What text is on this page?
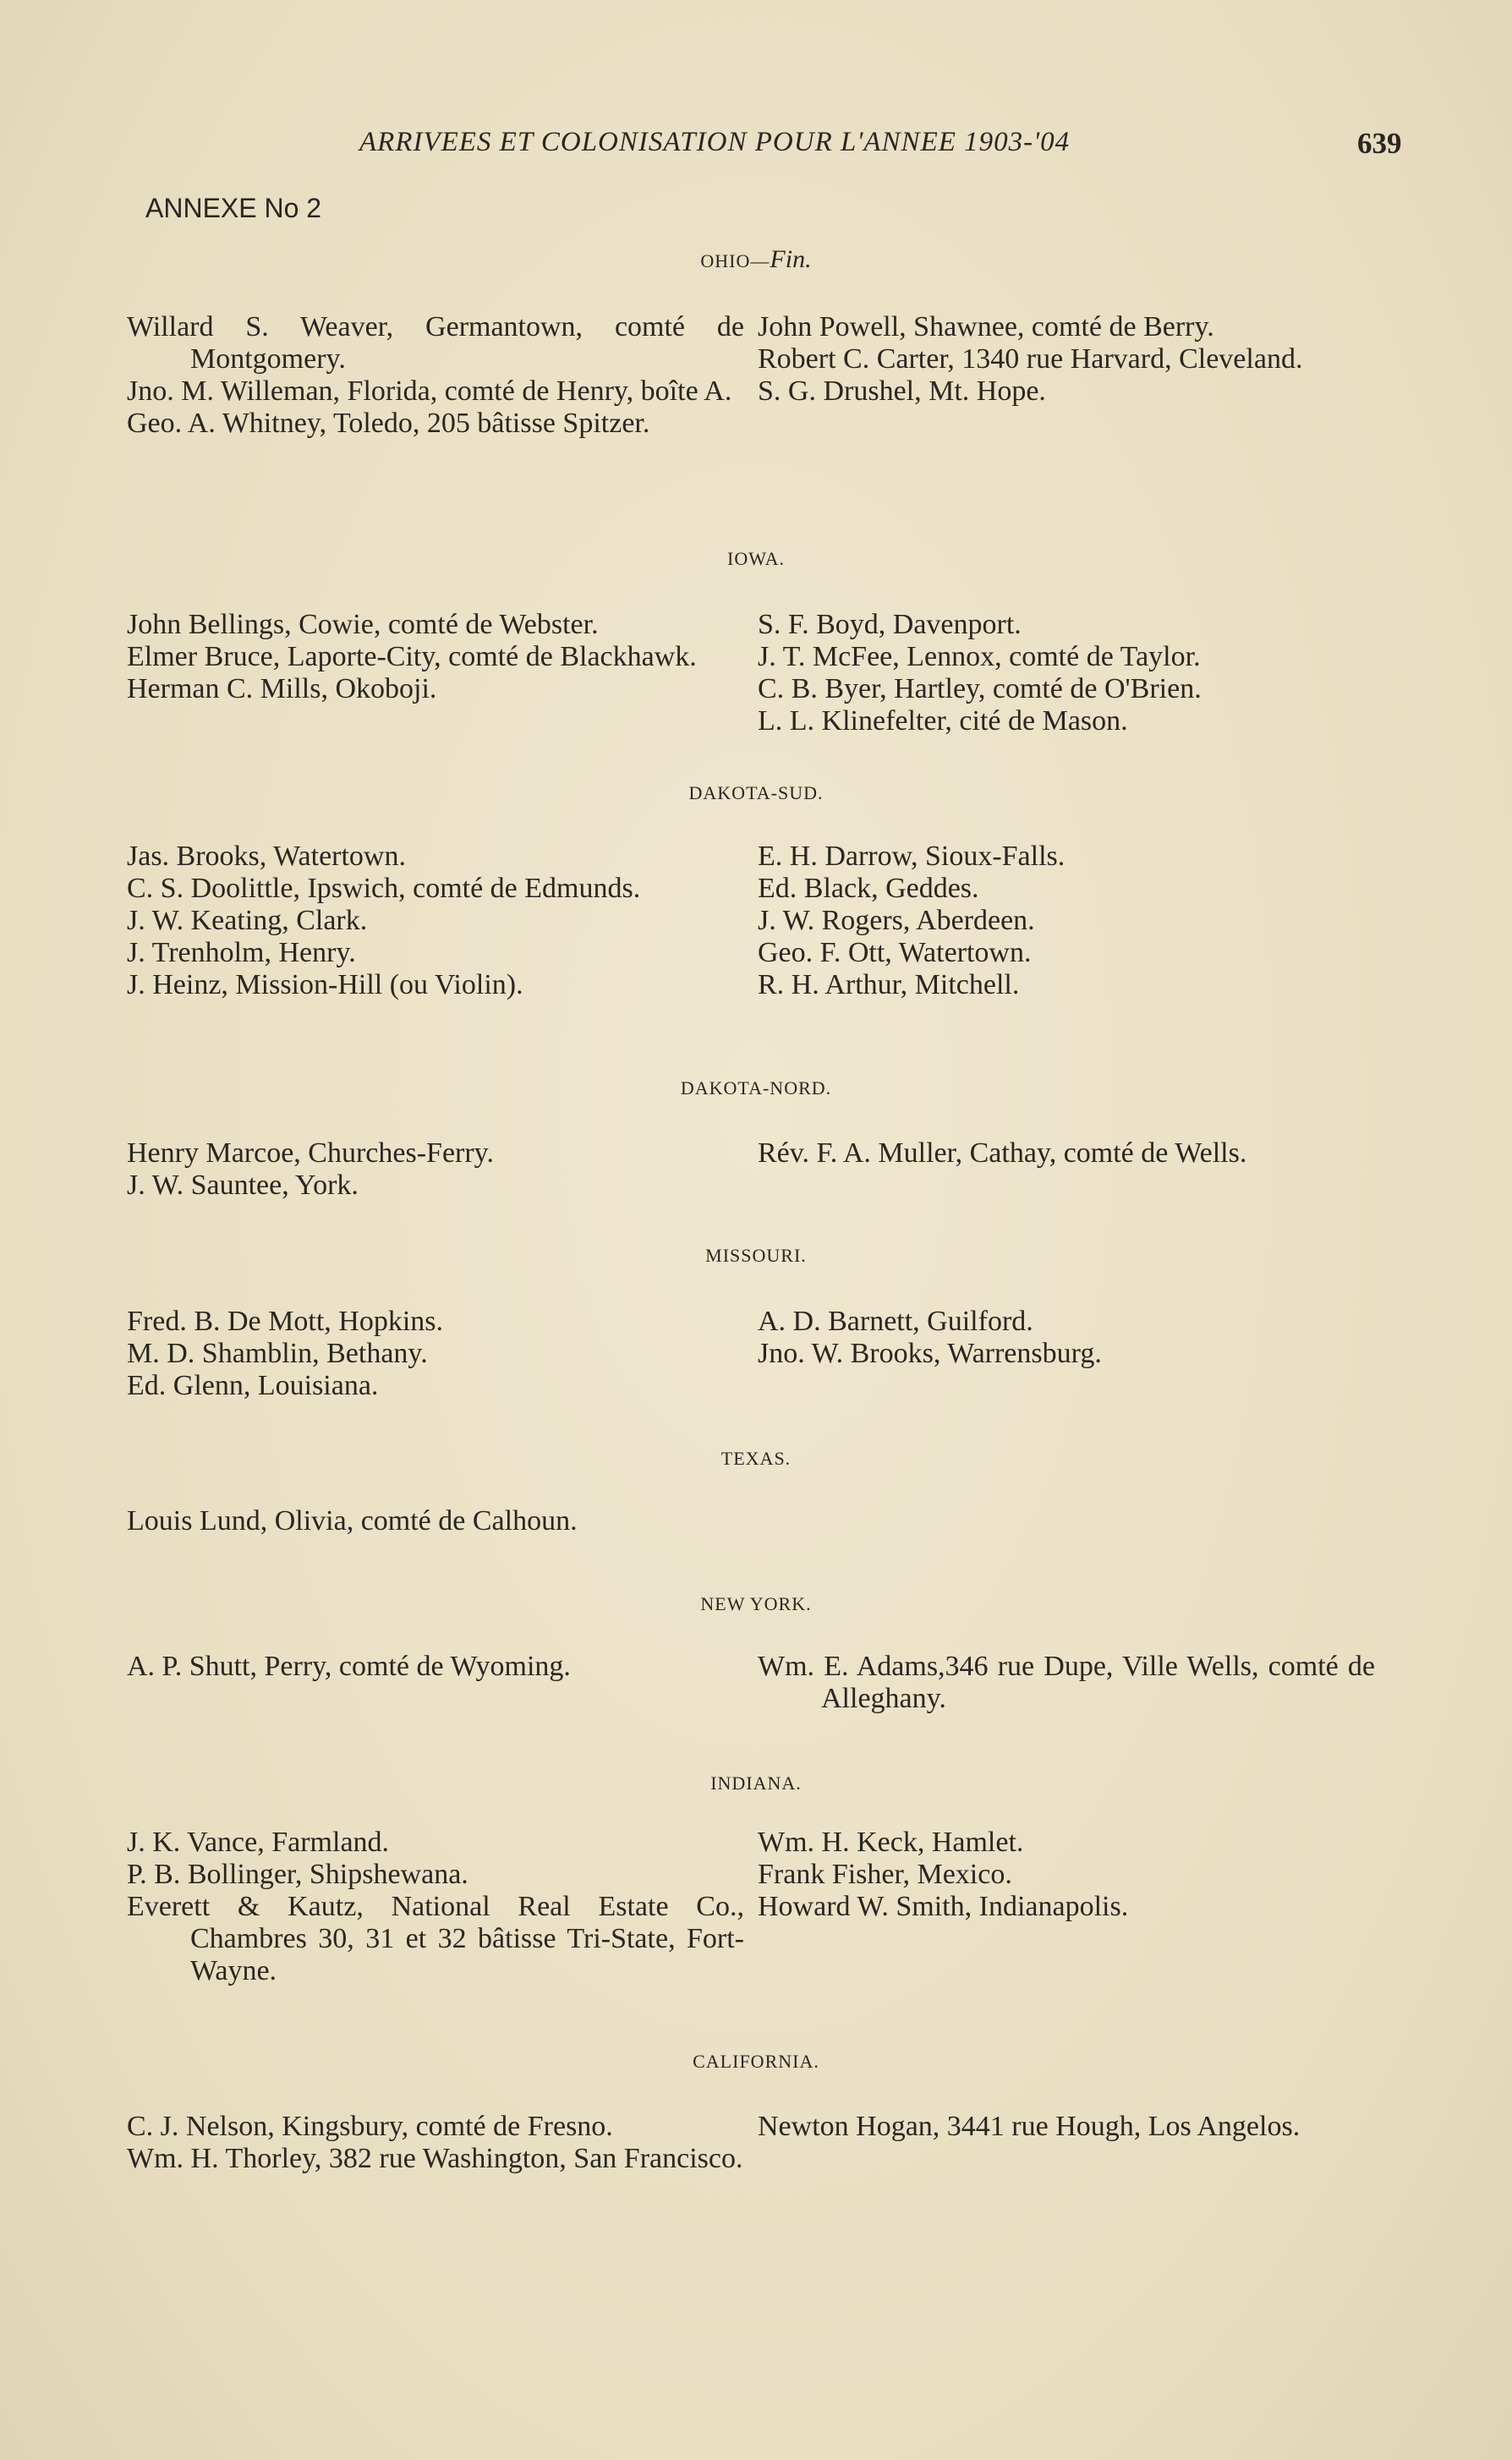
ARRIVEES ET COLONISATION POUR L'ANNEE 1903-'04	639
ANNEXE No 2
OHIO—Fin.
Willard S. Weaver, Germantown, comté de Montgomery.
Jno. M. Willeman, Florida, comté de Henry, boîte A.
Geo. A. Whitney, Toledo, 205 bâtisse Spitzer.
John Powell, Shawnee, comté de Berry.
Robert C. Carter, 1340 rue Harvard, Cleveland.
S. G. Drushel, Mt. Hope.
IOWA.
John Bellings, Cowie, comté de Webster.
Elmer Bruce, Laporte-City, comté de Blackhawk.
Herman C. Mills, Okoboji.
S. F. Boyd, Davenport.
J. T. McFee, Lennox, comté de Taylor.
C. B. Byer, Hartley, comté de O'Brien.
L. L. Klinefelter, cité de Mason.
DAKOTA-SUD.
Jas. Brooks, Watertown.
C. S. Doolittle, Ipswich, comté de Edmunds.
J. W. Keating, Clark.
J. Trenholm, Henry.
J. Heinz, Mission-Hill (ou Violin).
E. H. Darrow, Sioux-Falls.
Ed. Black, Geddes.
J. W. Rogers, Aberdeen.
Geo. F. Ott, Watertown.
R. H. Arthur, Mitchell.
DAKOTA-NORD.
Henry Marcoe, Churches-Ferry.
J. W. Sauntee, York.
Rév. F. A. Muller, Cathay, comté de Wells.
MISSOURI.
Fred. B. De Mott, Hopkins.
M. D. Shamblin, Bethany.
Ed. Glenn, Louisiana.
A. D. Barnett, Guilford.
Jno. W. Brooks, Warrensburg.
TEXAS.
Louis Lund, Olivia, comté de Calhoun.
NEW YORK.
A. P. Shutt, Perry, comté de Wyoming.	Wm. E. Adams,346 rue Dupe, Ville Wells, comté de Alleghany.
INDIANA.
J. K. Vance, Farmland.
P. B. Bollinger, Shipshewana.
Everett & Kautz, National Real Estate Co., Chambres 30, 31 et 32 bâtisse Tri-State, Fort-Wayne.
Wm. H. Keck, Hamlet.
Frank Fisher, Mexico.
Howard W. Smith, Indianapolis.
CALIFORNIA.
C. J. Nelson, Kingsbury, comté de Fresno.
Wm. H. Thorley, 382 rue Washington, San Francisco.
Newton Hogan, 3441 rue Hough, Los Angelos.
